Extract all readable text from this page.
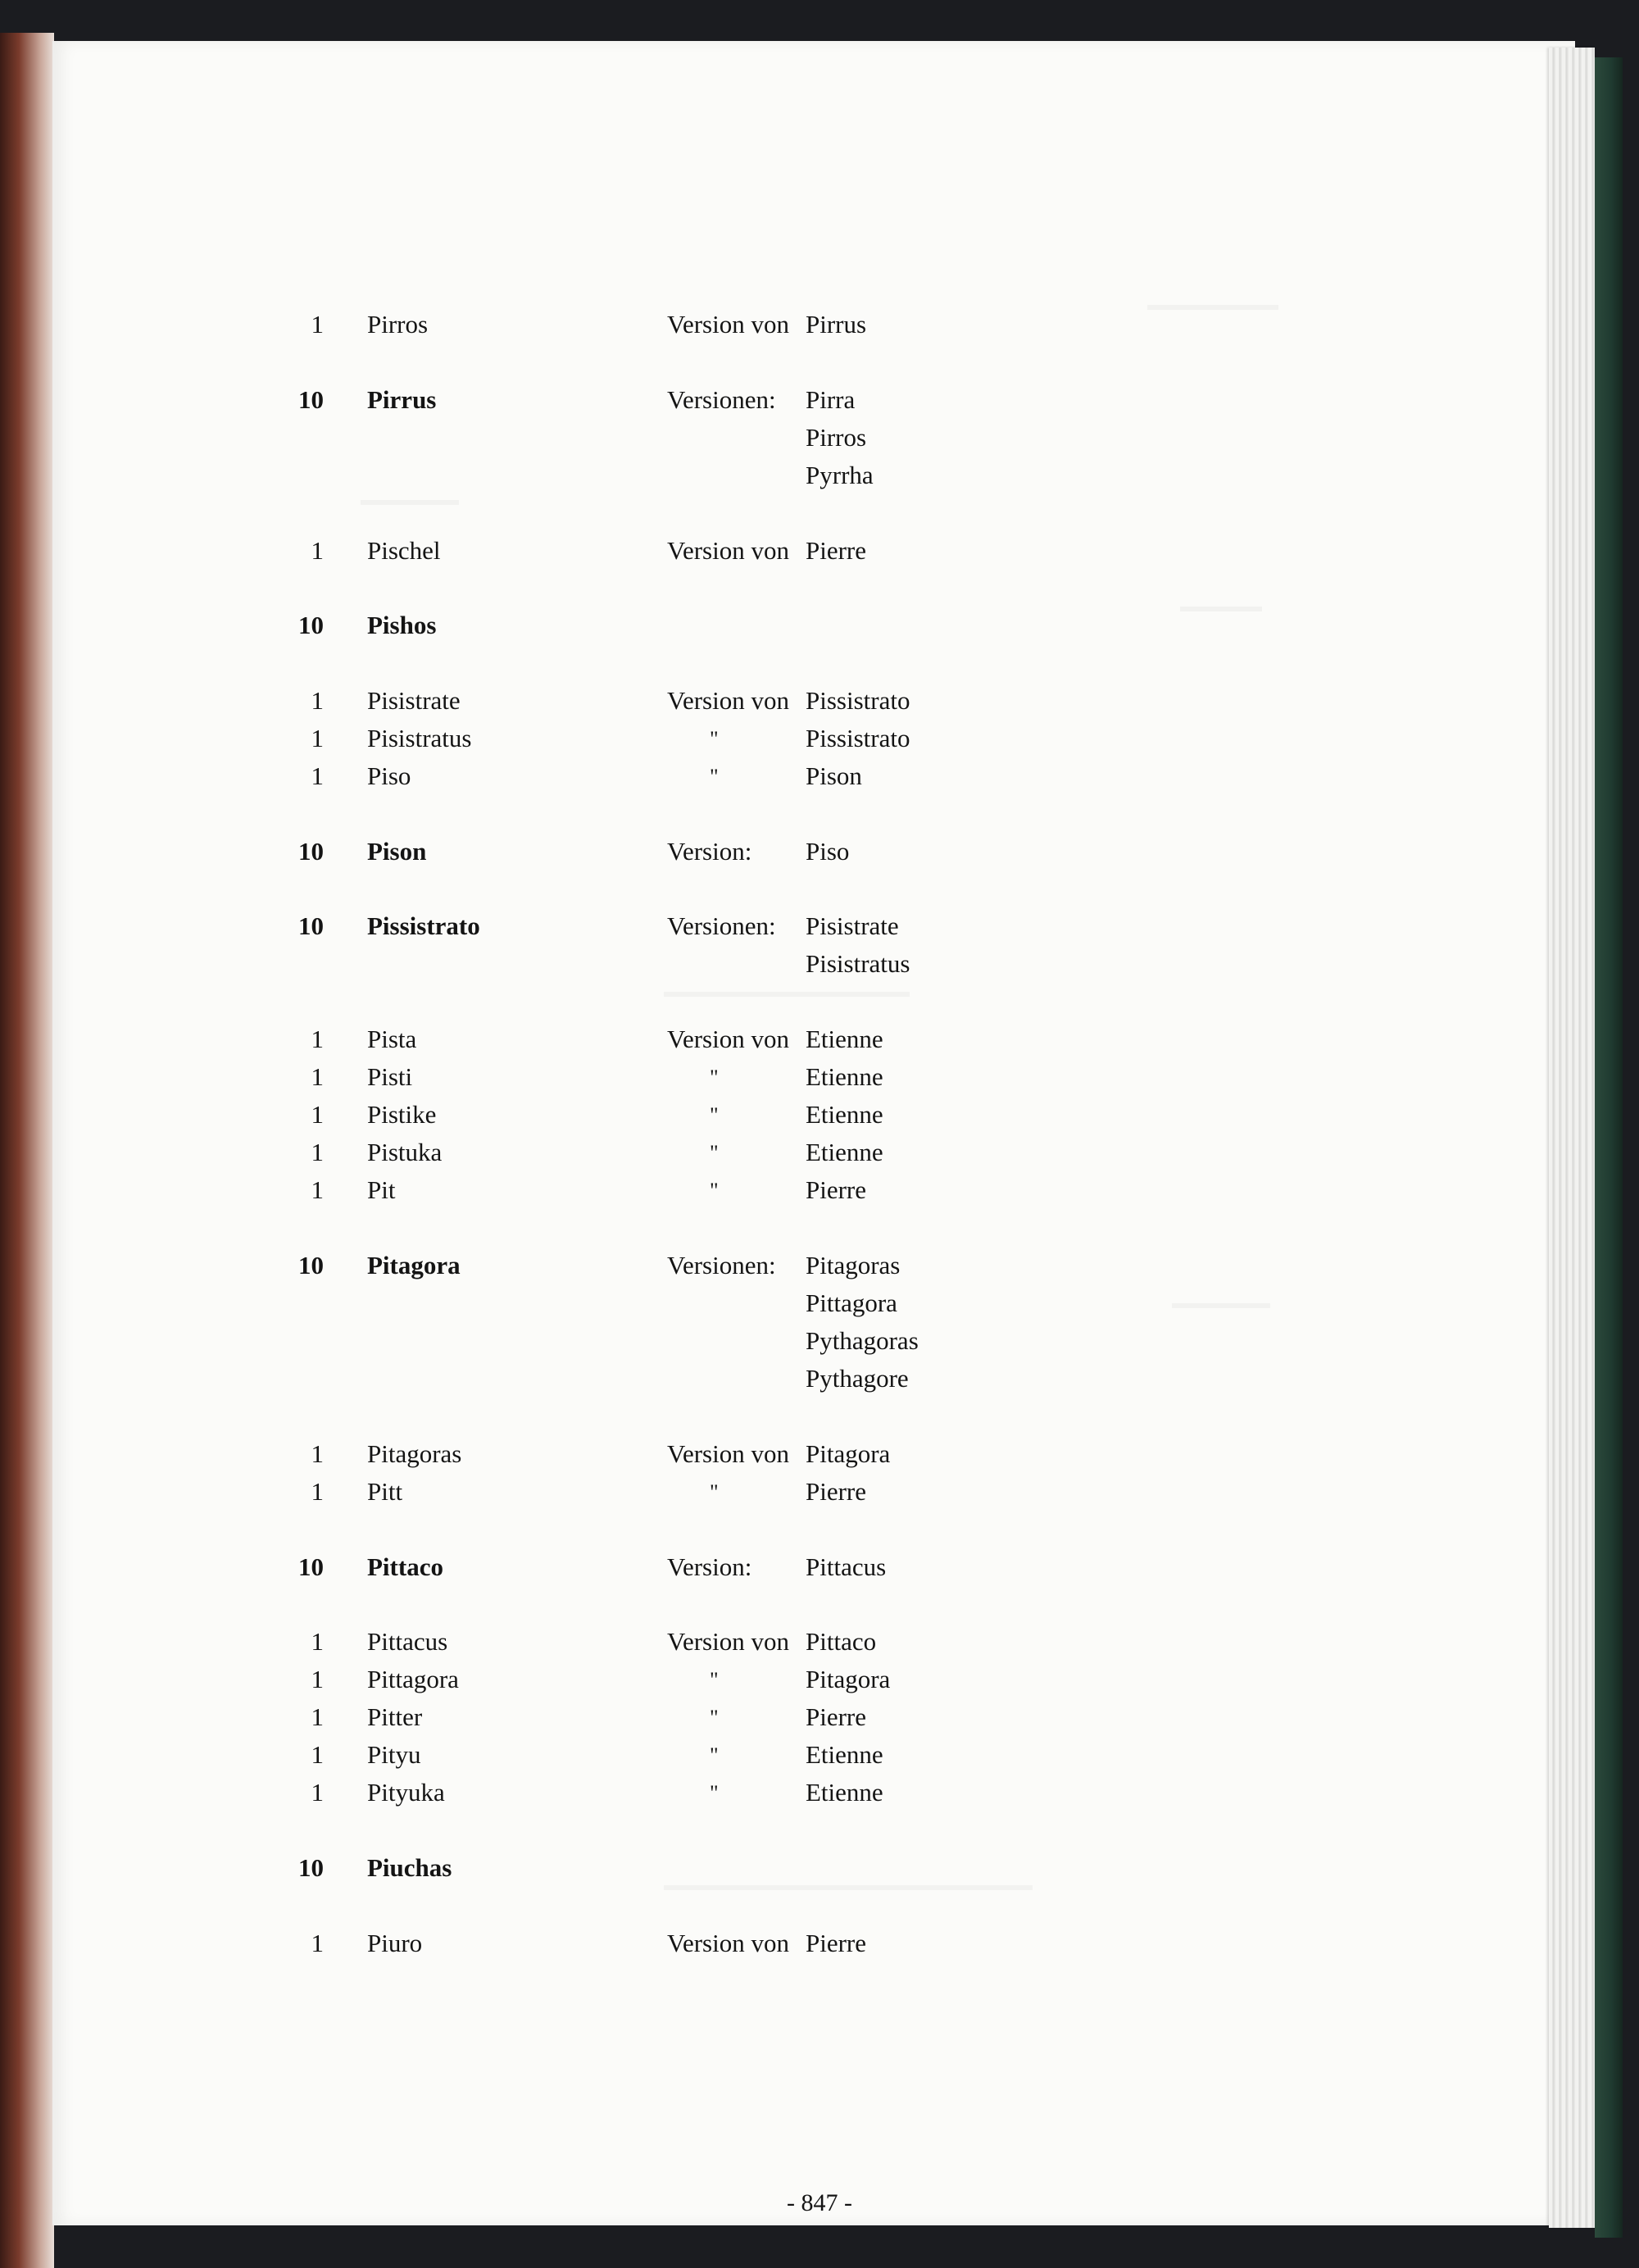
1 Pirros	Version von Pirrus
10 Pirrus	Versionen: Pirra
Pirros
Pyrrha
1 Pischel	Version von Pierre
10 Pishos
1 Pisistrate	Version von Pissistrato
1 Pisistratus	"	Pissistrato
1 Piso	"	Pison
10 Pison	Version: Piso
10 Pissistrato	Versionen: Pisistrate
Pisistratus
1 Pista	Version von Etienne
1 Pisti	"	Etienne
1 Pistike	"	Etienne
1 Pistuka	"	Etienne
1 Pit	"	Pierre
10 Pitagora	Versionen: Pitagoras
Pittagora
Pythagoras
Pythagore
1 Pitagoras	Version von Pitagora
1 Pitt	"	Pierre
10 Pittaco	Version: Pittacus
1 Pittacus	Version von Pittaco
1 Pittagora	"	Pitagora
1 Pitter	"	Pierre
1 Pityu	"	Etienne
1 Pityuka	"	Etienne
10 Piuchas
1 Piuro	Version von Pierre
- 847 -
